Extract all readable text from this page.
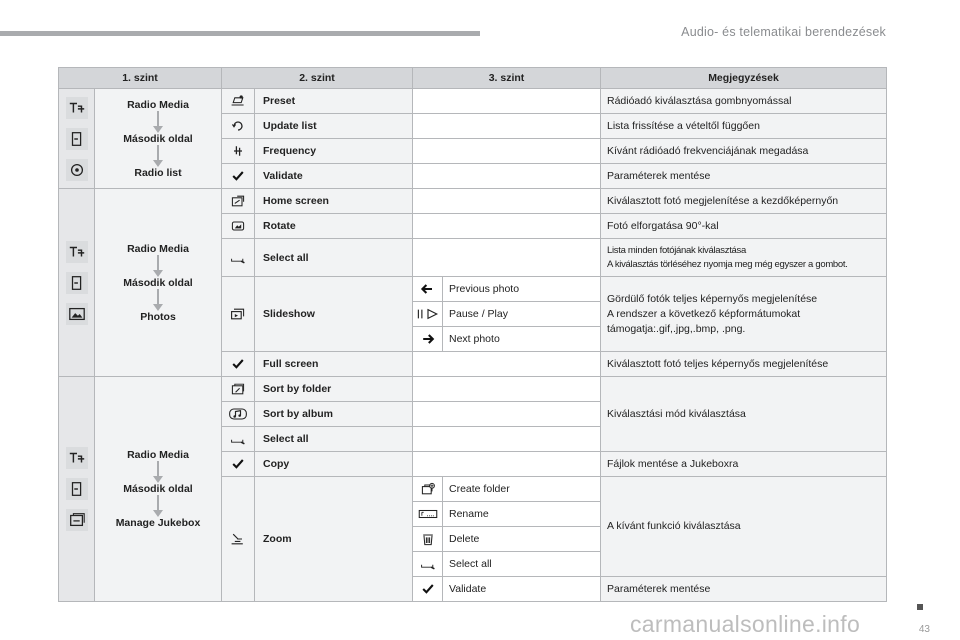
Audio- és telematikai berendezések
1. szint		2. szint		3. szint		Megjegyzések

Radio Media
Második oldal
Radio list		Preset			Rádióadó kiválasztása gombnyomással

	Update list			Lista frissítése a vételtől függően

	Frequency			Kívánt rádióadó frekvenciájának megadása

	Validate			Paraméterek mentése

Radio Media
Második oldal
Photos		Home screen			Kiválasztott fotó megjelenítése a kezdőképernyőn

	Rotate			Fotó elforgatása 90°-kal

	Select all			Lista minden fotójának kiválasztása
A kiválasztás törléséhez nyomja meg még egyszer a gombot.

	Slideshow		Previous photo	Gördülő fotók teljes képernyős megjelenítése
A rendszer a következő képformátumokat
támogatja:.gif,.jpg,.bmp, .png.

	Pause / Play	

	Next photo	

	Full screen			Kiválasztott fotó teljes képernyős megjelenítése

Radio Media
Második oldal
Manage Jukebox		Sort by folder			Kiválasztási mód kiválasztása

	Sort by album			

	Select all			

	Copy			Fájlok mentése a Jukeboxra

	Zoom		Create folder	A kívánt funkció kiválasztása

	Rename	

	Delete	

	Select all	

	Validate	Paraméterek mentése
43
carmanualsonline.info
